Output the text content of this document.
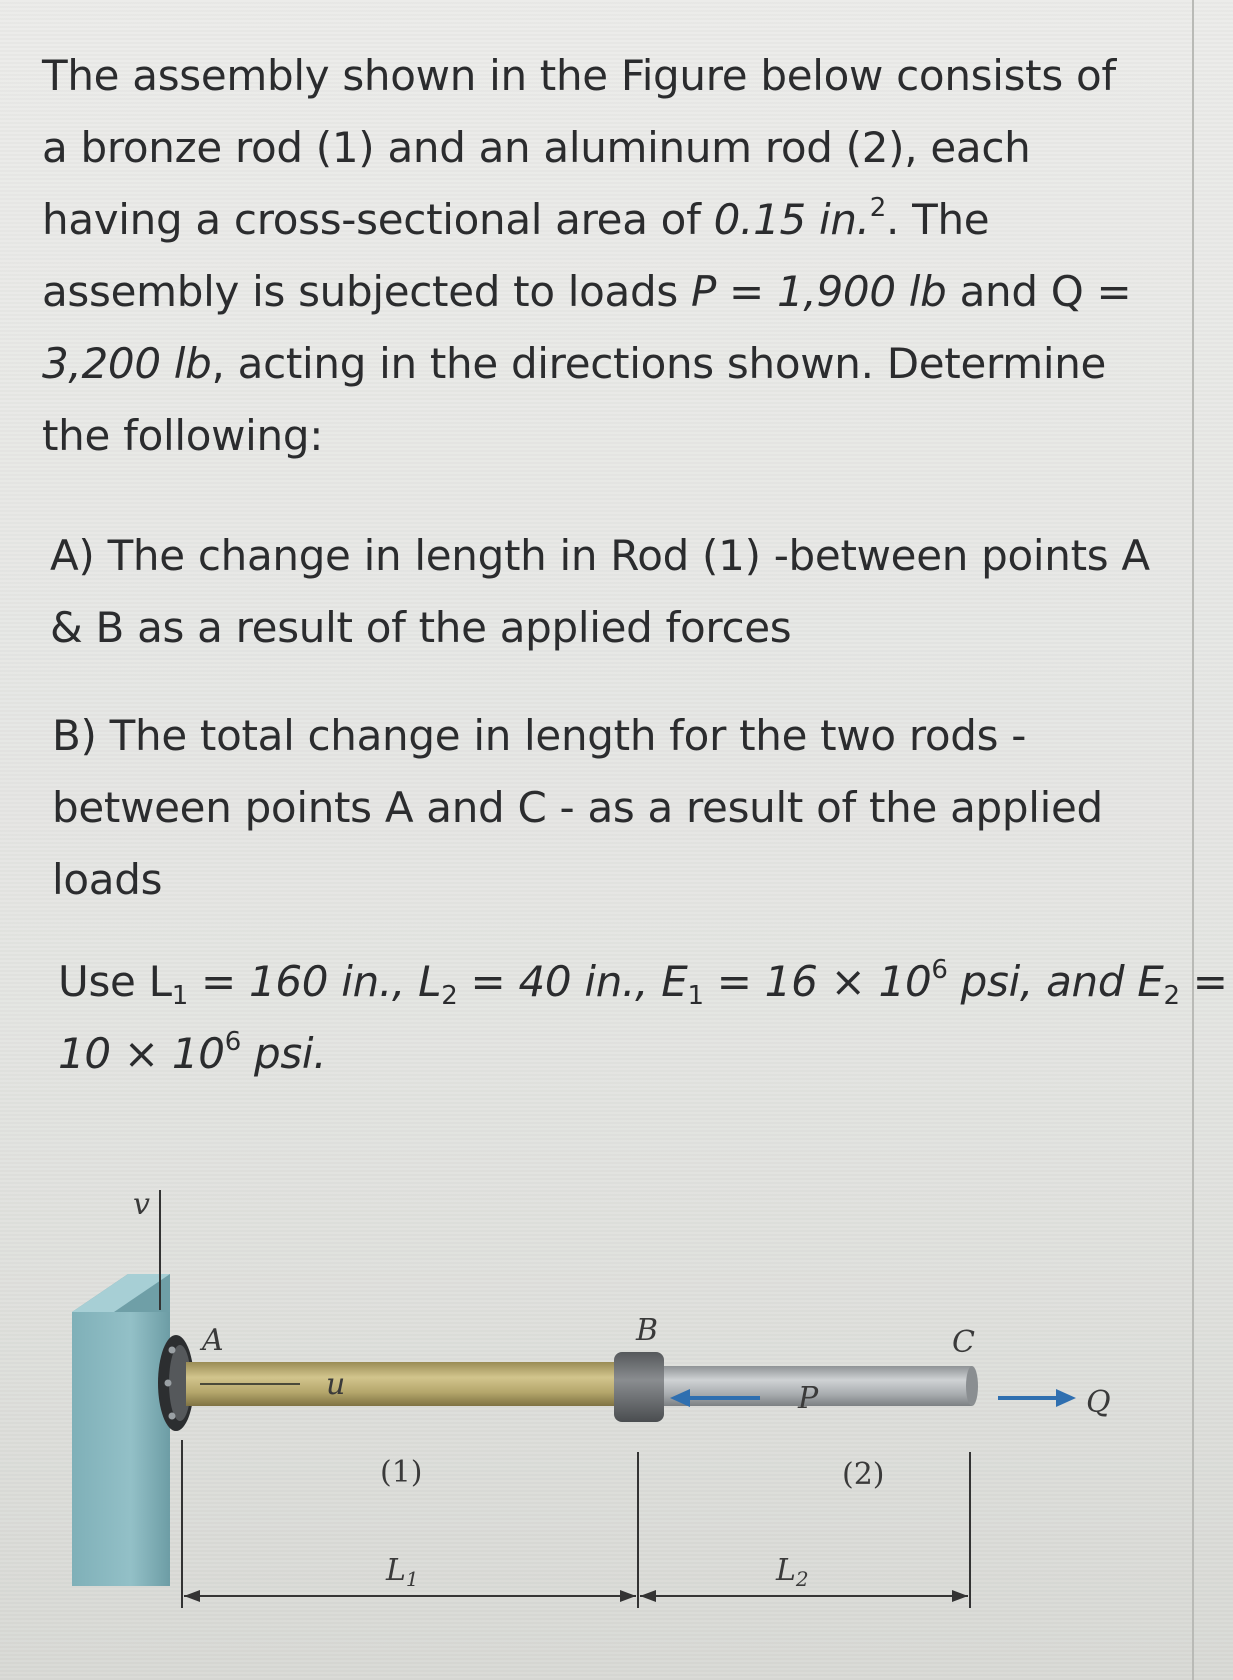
The assembly shown in the Figure below consists of
a bronze rod (1) and an aluminum rod (2), each
having a cross-sectional area of 0.15 in.$^2$. The
assembly is subjected to loads P = 1,900 lb and Q =
3,200 lb, acting in the directions shown. Determine
the following:

A) The change in length in Rod (1) -between points A
& B as a result of the applied forces

B) The total change in length for the two rods -
between points A and C - as a result of the applied
loads

Use $L_1 = 160$ in., $L_2 = 40$ in., $E_1 = 16 \times 10^6$ psi, and $E_2$ =
$10 \times 10^6$ psi.

v
A
u
B	C
P	Q
(1)	(2)
$L_1$	$L_2$
